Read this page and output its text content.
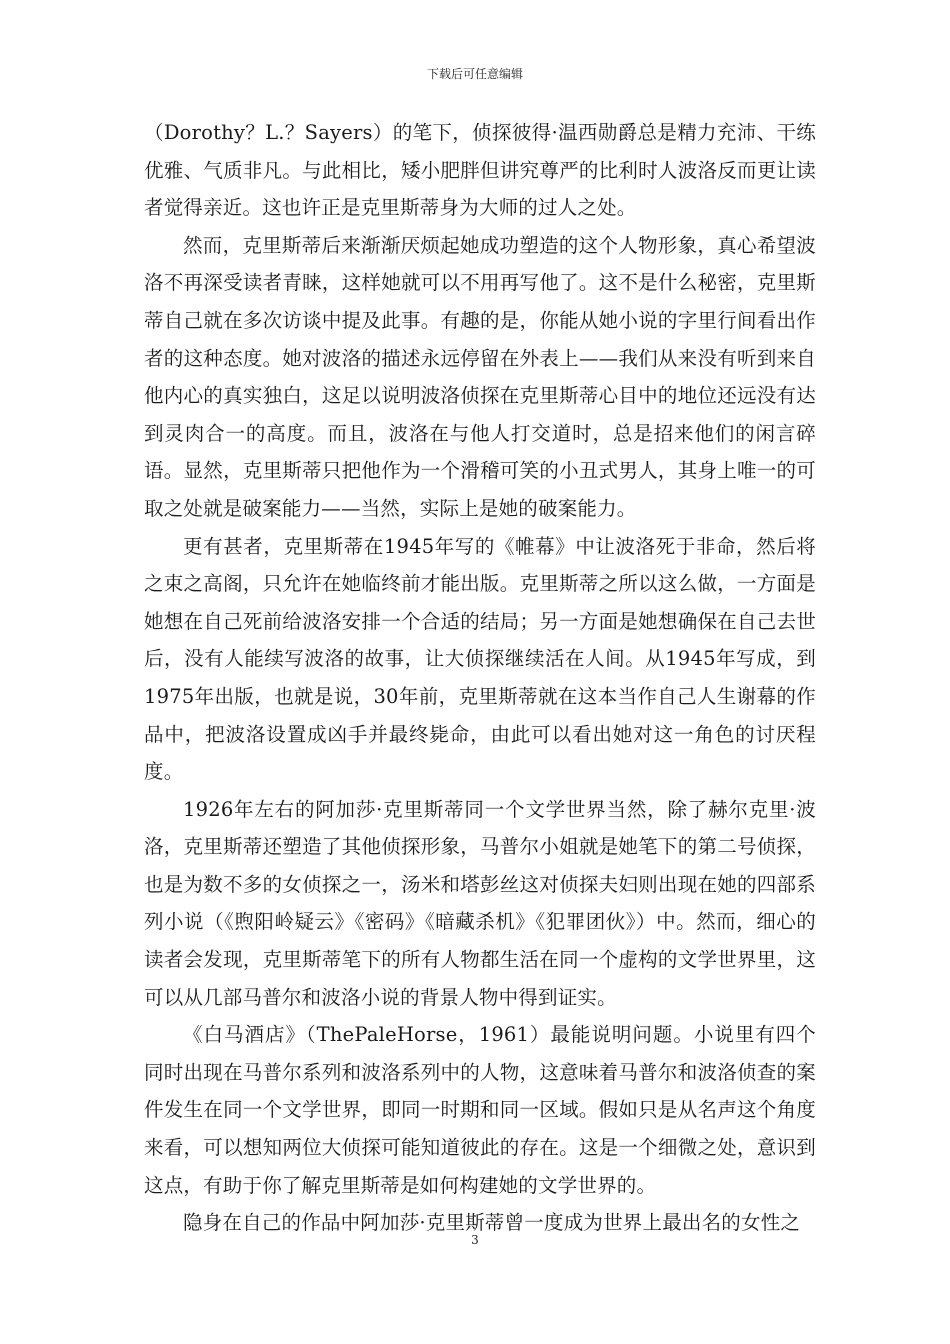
下载后可任意编辑

（Dorothy？L.？Sayers）的笔下，侦探彼得·温西勋爵总是精力充沛、干练优雅、气质非凡。与此相比，矮小肥胖但讲究尊严的比利时人波洛反而更让读者觉得亲近。这也许正是克里斯蒂身为大师的过人之处。

然而，克里斯蒂后来渐渐厌烦起她成功塑造的这个人物形象，真心希望波洛不再深受读者青睐，这样她就可以不用再写他了。这不是什么秘密，克里斯蒂自己就在多次访谈中提及此事。有趣的是，你能从她小说的字里行间看出作者的这种态度。她对波洛的描述永远停留在外表上——我们从来没有听到来自他内心的真实独白，这足以说明波洛侦探在克里斯蒂心目中的地位还远没有达到灵肉合一的高度。而且，波洛在与他人打交道时，总是招来他们的闲言碎语。显然，克里斯蒂只把他作为一个滑稽可笑的小丑式男人，其身上唯一的可取之处就是破案能力——当然，实际上是她的破案能力。

更有甚者，克里斯蒂在1945年写的《帷幕》中让波洛死于非命，然后将之束之高阁，只允许在她临终前才能出版。克里斯蒂之所以这么做，一方面是她想在自己死前给波洛安排一个合适的结局；另一方面是她想确保在自己去世后，没有人能续写波洛的故事，让大侦探继续活在人间。从1945年写成，到1975年出版，也就是说，30年前，克里斯蒂就在这本当作自己人生谢幕的作品中，把波洛设置成凶手并最终毙命，由此可以看出她对这一角色的讨厌程度。

1926年左右的阿加莎·克里斯蒂同一个文学世界当然，除了赫尔克里·波洛，克里斯蒂还塑造了其他侦探形象，马普尔小姐就是她笔下的第二号侦探，也是为数不多的女侦探之一，汤米和塔彭丝这对侦探夫妇则出现在她的四部系列小说（《煦阳岭疑云》《密码》《暗藏杀机》《犯罪团伙》）中。然而，细心的读者会发现，克里斯蒂笔下的所有人物都生活在同一个虚构的文学世界里，这可以从几部马普尔和波洛小说的背景人物中得到证实。

《白马酒店》（ThePaleHorse，1961）最能说明问题。小说里有四个同时出现在马普尔系列和波洛系列中的人物，这意味着马普尔和波洛侦查的案件发生在同一个文学世界，即同一时期和同一区域。假如只是从名声这个角度来看，可以想知两位大侦探可能知道彼此的存在。这是一个细微之处，意识到这点，有助于你了解克里斯蒂是如何构建她的文学世界的。

隐身在自己的作品中阿加莎·克里斯蒂曾一度成为世界上最出名的女性之

3
